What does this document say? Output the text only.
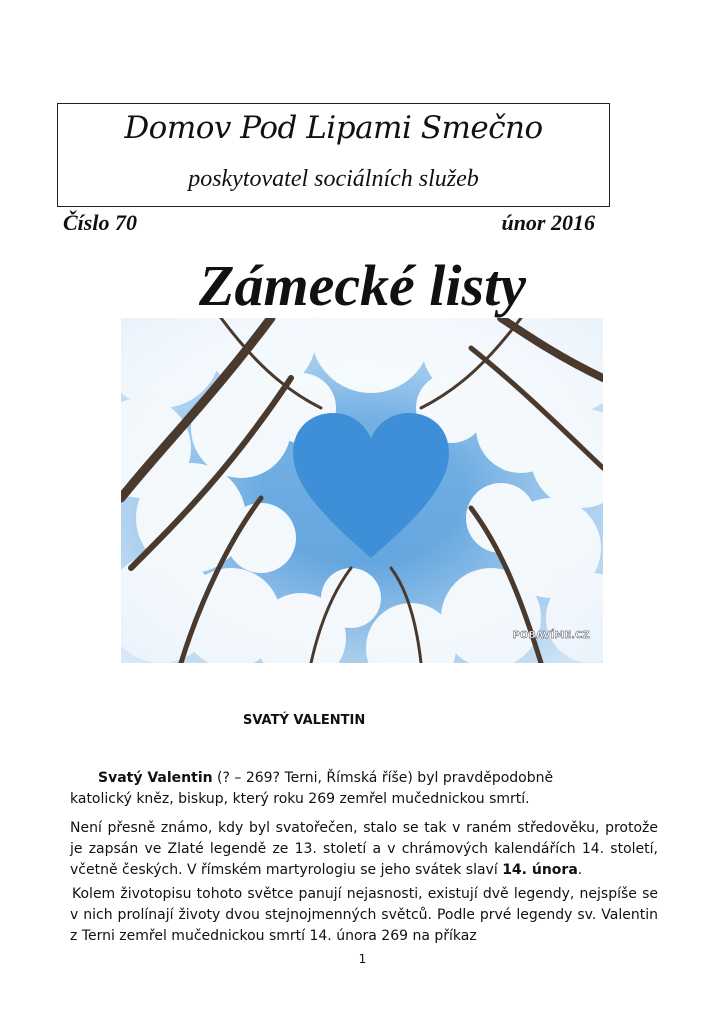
Domov Pod Lipami Smečno
poskytovatel sociálních služeb
Číslo 70	únor 2016
Zámecké listy
POBAVÍME.CZ
SVATÝ VALENTIN
Svatý Valentin (? – 269? Terni, Římská říše) byl pravděpodobně
katolický kněz, biskup, který roku 269 zemřel mučednickou smrtí.
Není přesně známo, kdy byl svatořečen, stalo se tak v raném středověku, protože je zapsán ve Zlaté legendě ze 13. století a v chrámových kalendářích 14. století, včetně českých. V římském martyrologiu se jeho svátek slaví 14. února.
Kolem životopisu tohoto světce panují nejasnosti, existují dvě legendy, nejspíše se v nich prolínají životy dvou stejnojmenných světců. Podle prvé legendy sv. Valentin z Terni zemřel mučednickou smrtí 14. února 269 na příkaz
1
